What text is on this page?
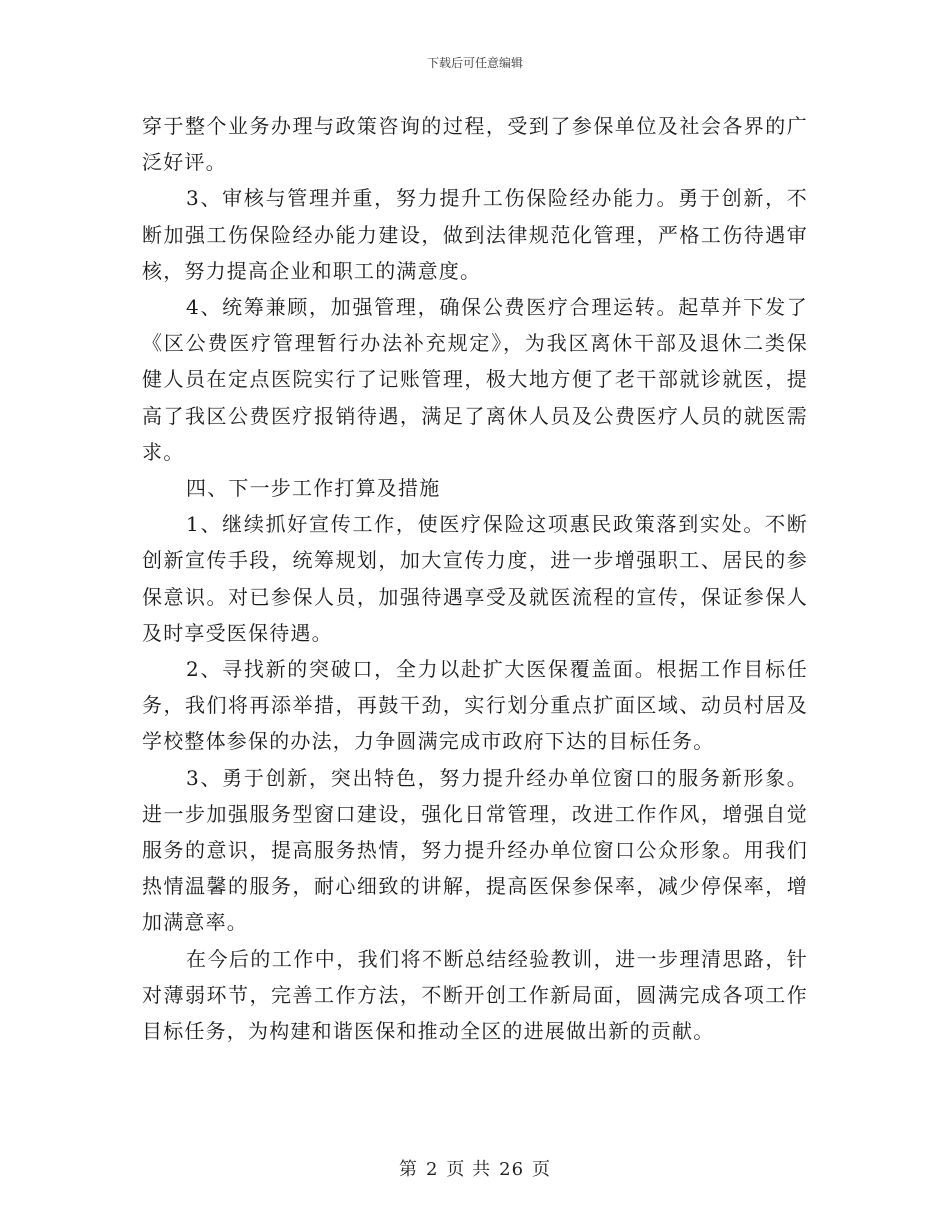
下载后可任意编辑

穿于整个业务办理与政策咨询的过程，受到了参保单位及社会各界的广泛好评。

3、审核与管理并重，努力提升工伤保险经办能力。勇于创新，不断加强工伤保险经办能力建设，做到法律规范化管理，严格工伤待遇审核，努力提高企业和职工的满意度。

4、统筹兼顾，加强管理，确保公费医疗合理运转。起草并下发了《区公费医疗管理暂行办法补充规定》，为我区离休干部及退休二类保健人员在定点医院实行了记账管理，极大地方便了老干部就诊就医，提高了我区公费医疗报销待遇，满足了离休人员及公费医疗人员的就医需求。

四、下一步工作打算及措施

1、继续抓好宣传工作，使医疗保险这项惠民政策落到实处。不断创新宣传手段，统筹规划，加大宣传力度，进一步增强职工、居民的参保意识。对已参保人员，加强待遇享受及就医流程的宣传，保证参保人及时享受医保待遇。

2、寻找新的突破口，全力以赴扩大医保覆盖面。根据工作目标任务，我们将再添举措，再鼓干劲，实行划分重点扩面区域、动员村居及学校整体参保的办法，力争圆满完成市政府下达的目标任务。

3、勇于创新，突出特色，努力提升经办单位窗口的服务新形象。进一步加强服务型窗口建设，强化日常管理，改进工作作风，增强自觉服务的意识，提高服务热情，努力提升经办单位窗口公众形象。用我们热情温馨的服务，耐心细致的讲解，提高医保参保率，减少停保率，增加满意率。

在今后的工作中，我们将不断总结经验教训，进一步理清思路，针对薄弱环节，完善工作方法，不断开创工作新局面，圆满完成各项工作目标任务，为构建和谐医保和推动全区的进展做出新的贡献。

第 2 页 共 26 页
